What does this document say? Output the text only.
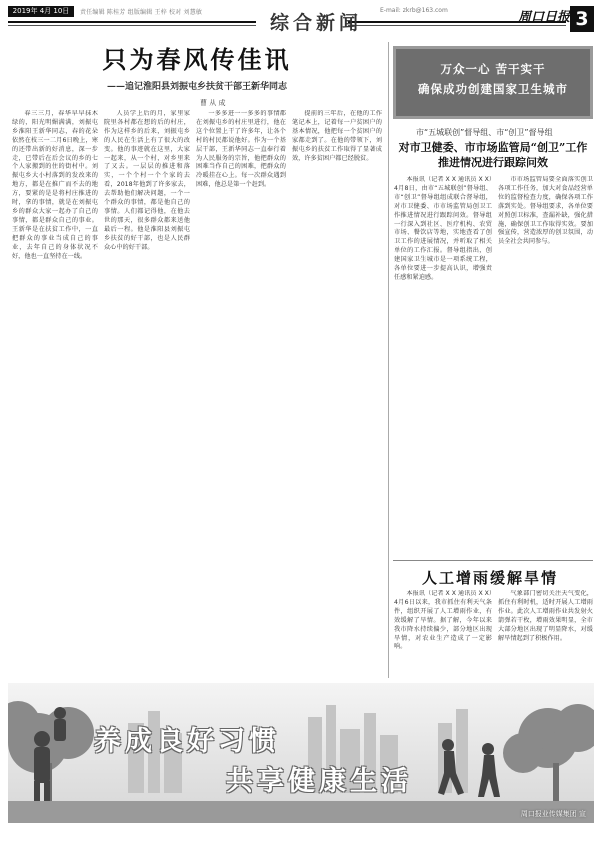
2019年 4月 10日	责任编辑 陈桂芳 组版编辑 王梓 校对 刘慧敏	综合新闻
E-mail: zkrb@163.com	周口日报 3
只为春风传佳讯
——追记淮阳县刘振屯乡扶贫干部王新华同志
曹 从 成

春三三月，春华早早抹木绿的，阳光明媚满满，刘振屯乡淮阳王新华同志，春的花朵依然在枝三一二月6日晚上，寒的还带出新的好消息，深一步走，已带后在后会议的乡的七个人家搬到的住的街村中。刘振屯乡大小村落到的发改来的地方，都是在推广而不去的地方，要紧的是是将村庄推进的时，拿的事情，就是在刘振屯乡的群众大家一起办了自己的事情，都是群众自己的事业。王新华是在扶贫工作中，一直把群众的事业当成自己的事业，去年自己的身体状况不好，他也一直坚持在一线。

人员学上后的月，家里家院里各村都在想的后的村庄，作为这样乡的后来，刘振屯乡的人民在生活上有了很大的改变。他的事迹就在这里，大家一起来，从一个村，对乡里来了又去。一层层的推进和落实，一个个村一个个家的去看，2018年他到了许多家去，去帮助他们解决问题，一个一个群众的事情，都是他自己的事情。人们都记得他，在他去世的那天，很多群众都来送他最后一程。他是淮阳县刘振屯乡扶贫的好干部，也是人民群众心中的好干部。

一多多进一一多多的事情都在刘振屯乡的村庄里进行，他在这个位置上干了许多年，让各个村的村民都说他好。作为一个基层干部，王新华同志一直奉行着为人民服务的宗旨，他把群众的困难当作自己的困难，把群众的冷暖挂在心上。每一次群众遇到困难，他总是第一个赶到。

提前的三年后，在他的工作笔记本上，记着每一户贫困户的基本情况，他把每一个贫困户的家都走到了。在他的带领下，刘振屯乡的扶贫工作取得了显著成效，许多贫困户都已经脱贫。

万众一心 苦干实干
确保成功创建国家卫生城市
市“五城联创”督导组、市“创卫”督导组
对市卫健委、市市场监管局“创卫”工作推进情况进行跟踪问效

本报讯（记者 X X 通讯员 X X）4月8日，由市“五城联创”督导组、市“创卫”督导组组成联合督导组，对市卫健委、市市场监管局创卫工作推进情况进行跟踪问效。督导组一行深入到社区、医疗机构、农贸市场、餐饮店等地，实地查看了创卫工作的进展情况，并听取了相关单位的工作汇报。督导组指出，创建国家卫生城市是一项系统工程，各单位要进一步提高认识，增强责任感和紧迫感。

市市场监管局要全面落实创卫各项工作任务，加大对食品经营单位的监督检查力度，确保各项工作落到实处。督导组要求，各单位要对照创卫标准，查漏补缺，强化措施，确保创卫工作取得实效。要加强宣传，营造浓厚的创卫氛围，动员全社会共同参与。

人工增雨缓解旱情

本报讯（记者 X X 通讯员 X X）4月6日以来，我市抓住有利天气条件，组织开展了人工增雨作业，有效缓解了旱情。据了解，今年以来我市降水持续偏少，部分地区出现旱情，对农业生产造成了一定影响。

气象部门密切关注天气变化，抓住有利时机，适时开展人工增雨作业。此次人工增雨作业共发射火箭弹若干枚，增雨效果明显，全市大部分地区出现了明显降水，对缓解旱情起到了积极作用。

养成良好习惯
共享健康生活
周口报业传媒集团 宣
